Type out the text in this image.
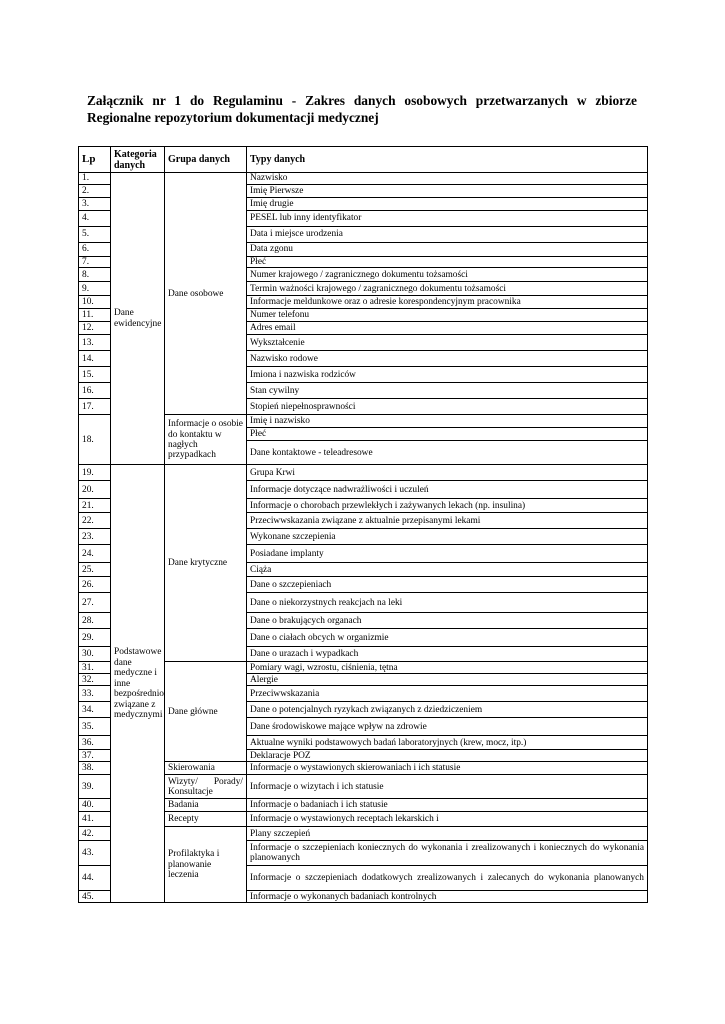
Załącznik nr 1 do Regulaminu - Zakres danych osobowych przetwarzanych w zbiorze Regionalne repozytorium dokumentacji medycznej
Lp	Kategoria danych	Grupa danych	Typy danych
1.	Dane ewidencyjne	Dane osobowe	Nazwisko
2.			Imię Pierwsze
3.			Imię drugie
4.			PESEL lub inny identyfikator
5.			Data i miejsce urodzenia
6.			Data zgonu
7.			Płeć
8.			Numer krajowego / zagranicznego dokumentu tożsamości
9.			Termin ważności krajowego / zagranicznego dokumentu tożsamości
10.			Informacje meldunkowe oraz o adresie korespondencyjnym pracownika
11.			Numer telefonu
12.			Adres email
13.			Wykształcenie
14.			Nazwisko rodowe
15.			Imiona i nazwiska rodziców
16.			Stan cywilny
17.			Stopień niepełnosprawności
18.		Informacje o osobie do kontaktu w nagłych przypadkach	Imię i nazwisko
			Płeć
			Dane kontaktowe - teleadresowe
19.	Podstawowe dane medyczne i inne bezpośrednio związane z medycznymi	Dane krytyczne	Grupa Krwi
20.			Informacje dotyczące nadwrażliwości i uczuleń
21.			Informacje o chorobach przewlekłych i zażywanych lekach (np. insulina)
22.			Przeciwwskazania związane z aktualnie przepisanymi lekami
23.			Wykonane szczepienia
24.			Posiadane implanty
25.			Ciąża
26.			Dane o szczepieniach
27.			Dane o niekorzystnych reakcjach na leki
28.			Dane o brakujących organach
29.			Dane o ciałach obcych w organizmie
30.			Dane o urazach i wypadkach
31.		Dane główne	Pomiary wagi, wzrostu, ciśnienia, tętna
32.			Alergie
33.			Przeciwwskazania
34.			Dane o potencjalnych ryzykach związanych z dziedziczeniem
35.			Dane środowiskowe mające wpływ na zdrowie
36.			Aktualne wyniki podstawowych badań laboratoryjnych (krew, mocz, itp.)
37.			Deklaracje POZ
38.		Skierowania	Informacje o wystawionych skierowaniach i ich statusie
39.		Wizyty/ Porady/ Konsultacje	Informacje o wizytach i ich statusie
40.		Badania	Informacje o badaniach i ich statusie
41.		Recepty	Informacje o wystawionych receptach lekarskich i
42.		Profilaktyka i planowanie leczenia	Plany szczepień
43.			Informacje o szczepieniach koniecznych do wykonania i zrealizowanych i koniecznych do wykonania planowanych
44.			Informacje o szczepieniach dodatkowych zrealizowanych i zalecanych do wykonania planowanych
45.			Informacje o wykonanych badaniach kontrolnych
